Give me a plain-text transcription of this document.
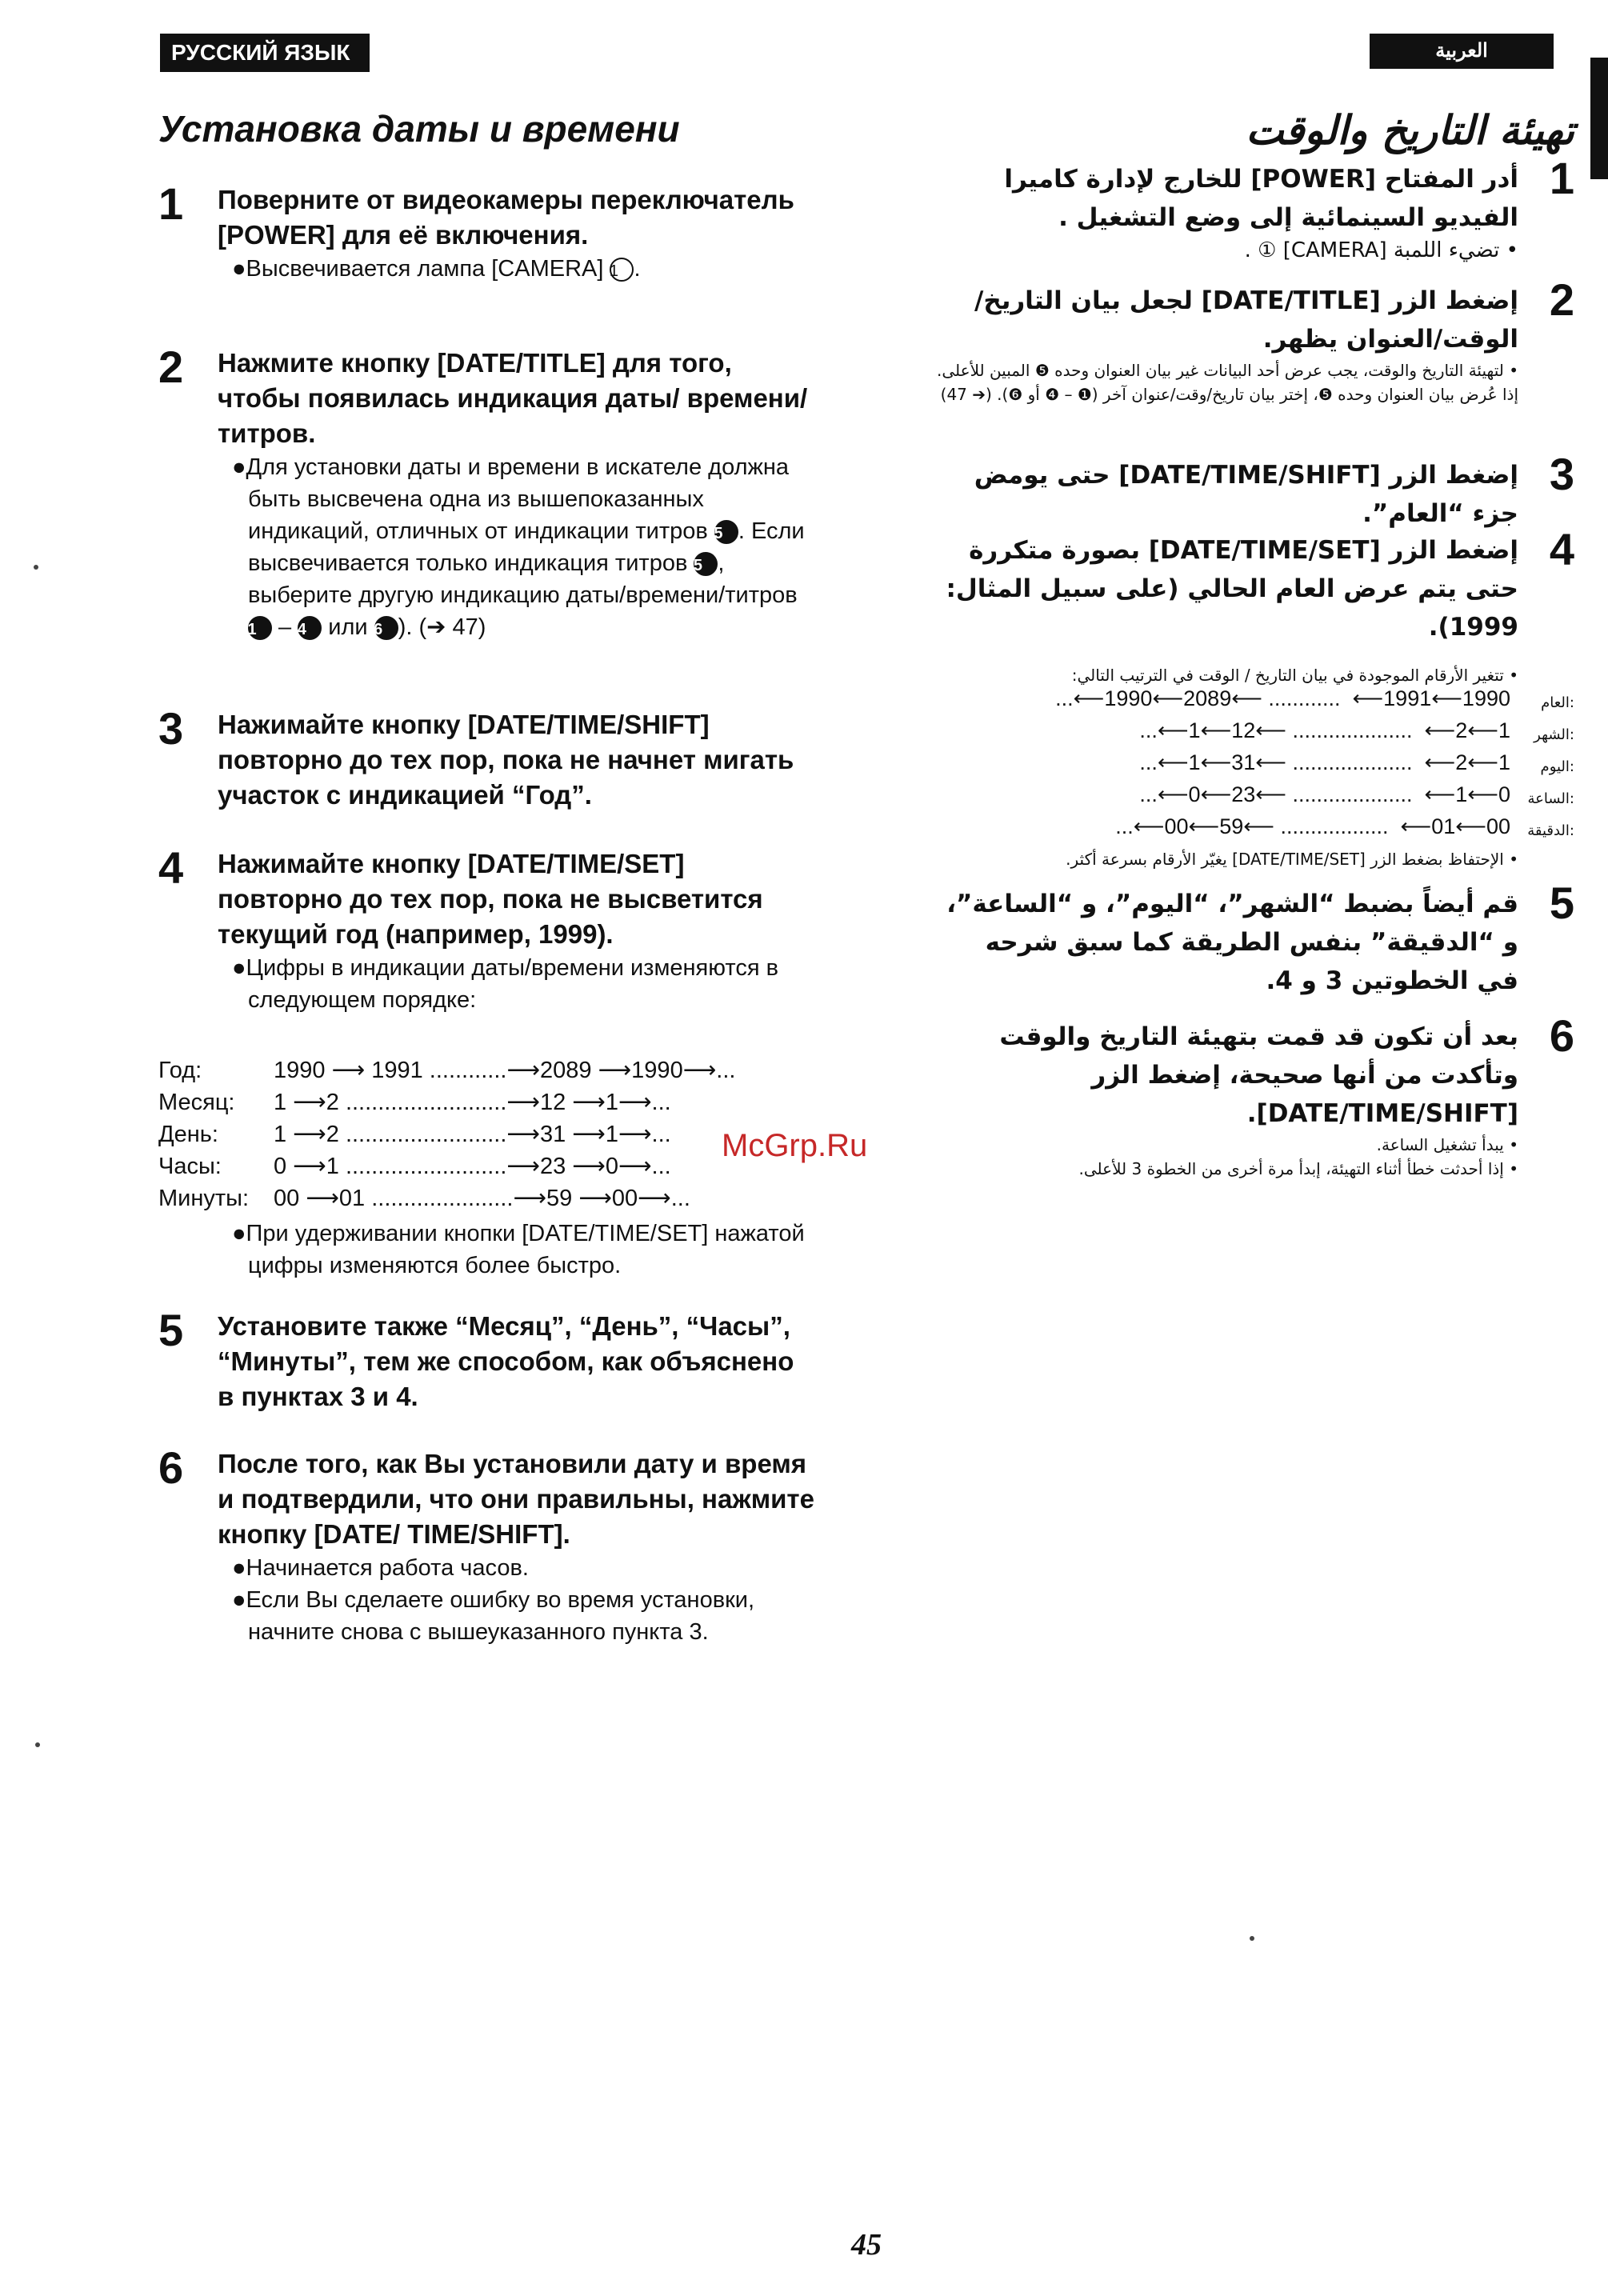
РУССКИЙ ЯЗЫК	العربية
Установка даты и времени
1 Поверните от видеокамеры переключатель [POWER] для её включения.
●Высвечивается лампа [CAMERA] 1 .
2 Нажмите кнопку [DATE/TITLE] для того, чтобы появилась индикация даты/ времени/титров.
●Для установки даты и времени в искателе должна быть высвечена одна из вышепоказанных индикаций, отличных от индикации титров 5 . Если высвечивается только индикация титров 5 , выберите другую индикацию даты/времени/титров 1 – 4 или 6 ). (➔ 47)
3 Нажимайте кнопку [DATE/TIME/SHIFT] повторно до тех пор, пока не начнет мигать участок с индикацией “Год”.
4 Нажимайте кнопку [DATE/TIME/SET] повторно до тех пор, пока не высветится текущий год (например, 1999).
●Цифры в индикации даты/времени изменяются в следующем порядке:
Год:	1990 ⟶ 1991 ............⟶2089 ⟶1990⟶...
Месяц:	1 ⟶2 .........................⟶12 ⟶1⟶...
День:	1 ⟶2 .........................⟶31 ⟶1⟶...
Часы:	0 ⟶1 .........................⟶23 ⟶0⟶...
Минуты:	00 ⟶01 ......................⟶59 ⟶00⟶...
●При удерживании кнопки [DATE/TIME/SET] нажатой цифры изменяются более быстро.
5 Установите также “Месяц”, “День”, “Часы”, “Минуты”, тем же способом, как объяснено в пунктах 3 и 4.
6 После того, как Вы установили дату и время и подтвердили, что они правильны, нажмите кнопку [DATE/ TIME/SHIFT].
●Начинается работа часов.
●Если Вы сделаете ошибку во время установки, начните снова с вышеуказанного пункта 3.
McGrp.Ru
تهيئة التاريخ والوقت
1
أدر المفتاح [POWER] للخارج لإدارة كاميرا الفيديو السينمائية إلى وضع التشغيل .
• تضيء اللمبة [CAMERA] ① .
2
إضغط الزر [DATE/TITLE] لجعل بيان التاريخ/ الوقت/العنوان يظهر.
• لتهيئة التاريخ والوقت، يجب عرض أحد البيانات غير بيان العنوان وحده ❺ المبين للأعلى. إذا عُرض بيان العنوان وحده ❺، إختر بيان تاريخ/وقت/عنوان آخر (❶ – ❹ أو ❻). (➔ 47)
3
إضغط الزر [DATE/TIME/SHIFT] حتى يومض جزء “العام”.
4
إضغط الزر [DATE/TIME/SET] بصورة متكررة حتى يتم عرض العام الحالي (على سبيل المثال: 1999).
• تتغير الأرقام الموجودة في بيان التاريخ / الوقت في الترتيب التالي:
العام:
...⟵1990⟵2089⟵ ............  ⟵1991⟵1990
الشهر:
...⟵1⟵12⟵ ....................  ⟵2⟵1
اليوم:
...⟵1⟵31⟵ ....................  ⟵2⟵1
الساعة:
...⟵0⟵23⟵ ....................  ⟵1⟵0
الدقيقة:
...⟵00⟵59⟵ ..................  ⟵01⟵00
• الإحتفاظ بضغط الزر [DATE/TIME/SET] يغيّر الأرقام بسرعة أكثر.
5
قم أيضاً بضبط “الشهر”، “اليوم”، و “الساعة”، و “الدقيقة” بنفس الطريقة كما سبق شرحه في الخطوتين 3 و 4.
6
بعد أن تكون قد قمت بتهيئة التاريخ والوقت وتأكدت من أنها صحيحة، إضغط الزر [DATE/TIME/SHIFT].
• يبدأ تشغيل الساعة.
• إذا أحدثت خطأ أثناء التهيئة، إبدأ مرة أخرى من الخطوة 3 للأعلى.
45
